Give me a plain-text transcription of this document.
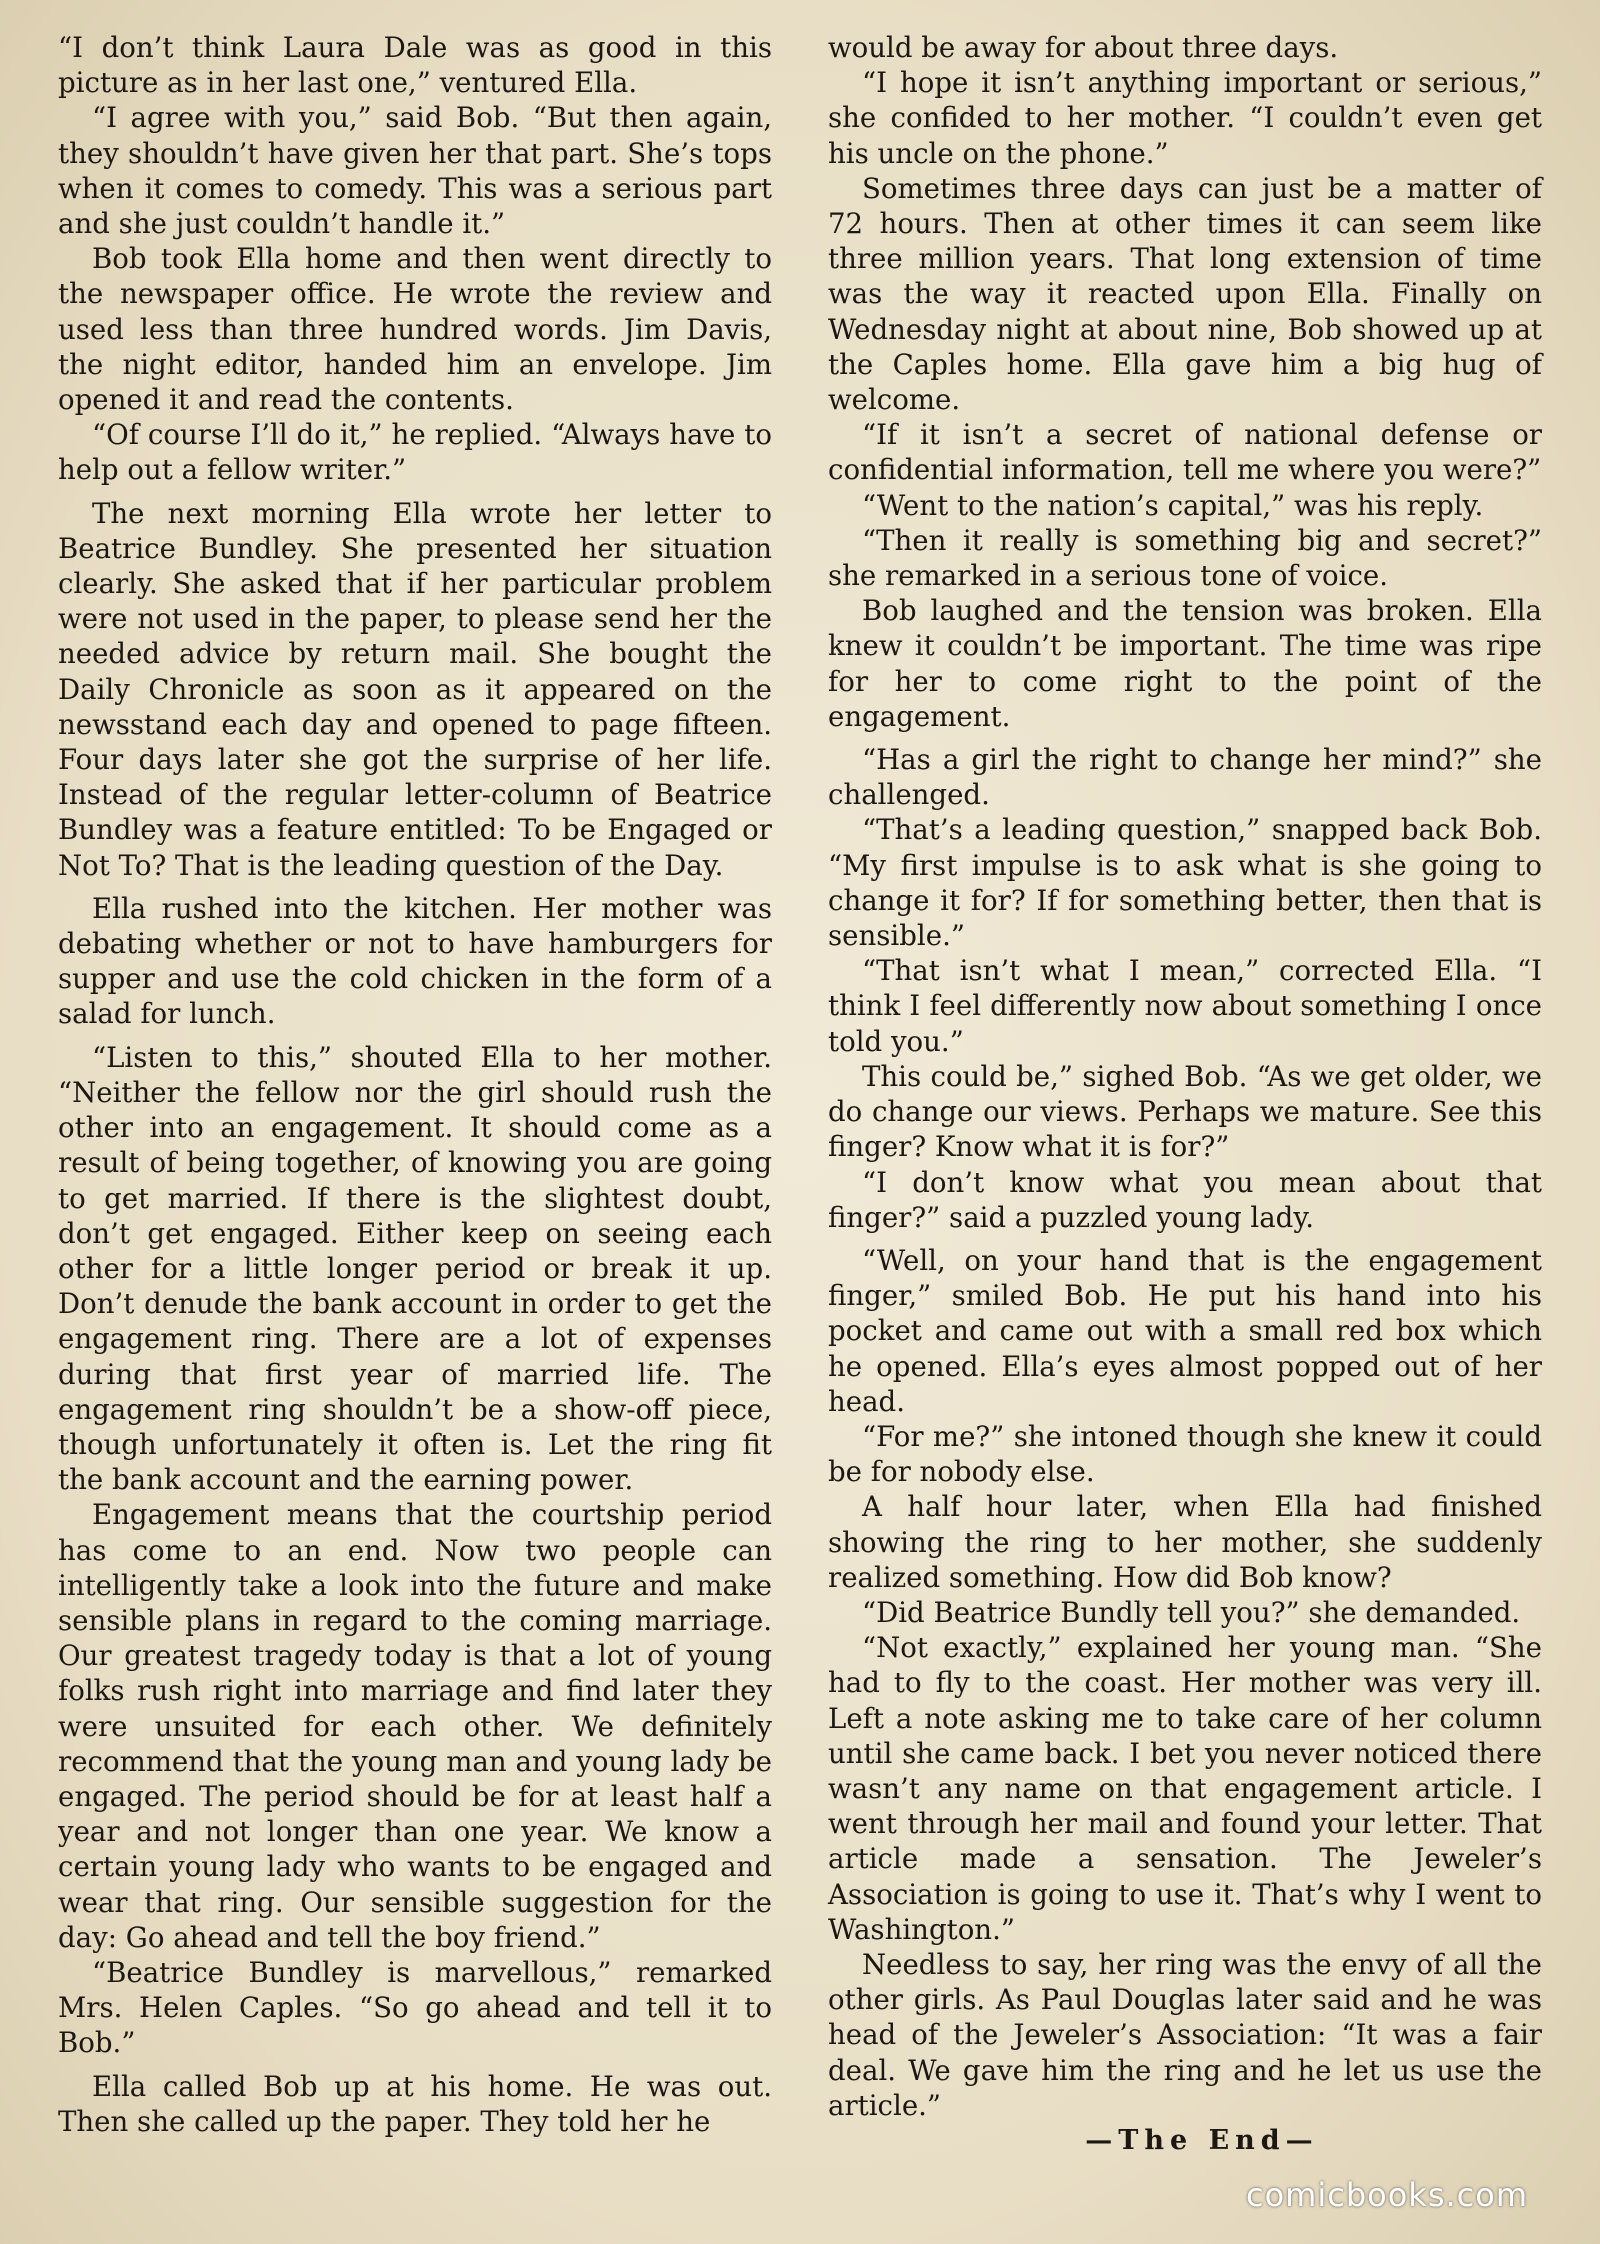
“I don’t think Laura Dale was as good in this picture as in her last one,” ventured Ella.

“I agree with you,” said Bob. “But then again, they shouldn’t have given her that part. She’s tops when it comes to comedy. This was a serious part and she just couldn’t handle it.”

Bob took Ella home and then went directly to the newspaper office. He wrote the review and used less than three hundred words. Jim Davis, the night editor, handed him an envelope. Jim opened it and read the contents.

“Of course I’ll do it,” he replied. “Always have to help out a fellow writer.”

The next morning Ella wrote her letter to Beatrice Bundley. She presented her situation clearly. She asked that if her particular problem were not used in the paper, to please send her the needed advice by return mail. She bought the Daily Chronicle as soon as it appeared on the newsstand each day and opened to page fifteen. Four days later she got the surprise of her life. Instead of the regular letter-column of Beatrice Bundley was a feature entitled: To be Engaged or Not To? That is the leading question of the Day.

Ella rushed into the kitchen. Her mother was debating whether or not to have hamburgers for supper and use the cold chicken in the form of a salad for lunch.

“Listen to this,” shouted Ella to her mother. “Neither the fellow nor the girl should rush the other into an engagement. It should come as a result of being together, of knowing you are going to get married. If there is the slightest doubt, don’t get engaged. Either keep on seeing each other for a little longer period or break it up. Don’t denude the bank account in order to get the engagement ring. There are a lot of expenses during that first year of married life. The engagement ring shouldn’t be a show-off piece, though unfortunately it often is. Let the ring fit the bank account and the earning power.

Engagement means that the courtship period has come to an end. Now two people can intelligently take a look into the future and make sensible plans in regard to the coming marriage. Our greatest tragedy today is that a lot of young folks rush right into marriage and find later they were unsuited for each other. We definitely recommend that the young man and young lady be engaged. The period should be for at least half a year and not longer than one year. We know a certain young lady who wants to be engaged and wear that ring. Our sensible suggestion for the day: Go ahead and tell the boy friend.”

“Beatrice Bundley is marvellous,” remarked Mrs. Helen Caples. “So go ahead and tell it to Bob.”

Ella called Bob up at his home. He was out. Then she called up the paper. They told her he

would be away for about three days.

“I hope it isn’t anything important or serious,” she confided to her mother. “I couldn’t even get his uncle on the phone.”

Sometimes three days can just be a matter of 72 hours. Then at other times it can seem like three million years. That long extension of time was the way it reacted upon Ella. Finally on Wednesday night at about nine, Bob showed up at the Caples home. Ella gave him a big hug of welcome.

“If it isn’t a secret of national defense or confidential information, tell me where you were?”

“Went to the nation’s capital,” was his reply.

“Then it really is something big and secret?” she remarked in a serious tone of voice.

Bob laughed and the tension was broken. Ella knew it couldn’t be important. The time was ripe for her to come right to the point of the engagement.

“Has a girl the right to change her mind?” she challenged.

“That’s a leading question,” snapped back Bob. “My first impulse is to ask what is she going to change it for? If for something better, then that is sensible.”

“That isn’t what I mean,” corrected Ella. “I think I feel differently now about something I once told you.”

This could be,” sighed Bob. “As we get older, we do change our views. Perhaps we mature. See this finger? Know what it is for?”

“I don’t know what you mean about that finger?” said a puzzled young lady.

“Well, on your hand that is the engagement finger,” smiled Bob. He put his hand into his pocket and came out with a small red box which he opened. Ella’s eyes almost popped out of her head.

“For me?” she intoned though she knew it could be for nobody else.

A half hour later, when Ella had finished showing the ring to her mother, she suddenly realized something. How did Bob know?

“Did Beatrice Bundly tell you?” she demanded.

“Not exactly,” explained her young man. “She had to fly to the coast. Her mother was very ill. Left a note asking me to take care of her column until she came back. I bet you never noticed there wasn’t any name on that engagement article. I went through her mail and found your letter. That article made a sensation. The Jeweler’s Association is going to use it. That’s why I went to Washington.”

Needless to say, her ring was the envy of all the other girls. As Paul Douglas later said and he was head of the Jeweler’s Association: “It was a fair deal. We gave him the ring and he let us use the article.”

—The End—

comicbooks.com
